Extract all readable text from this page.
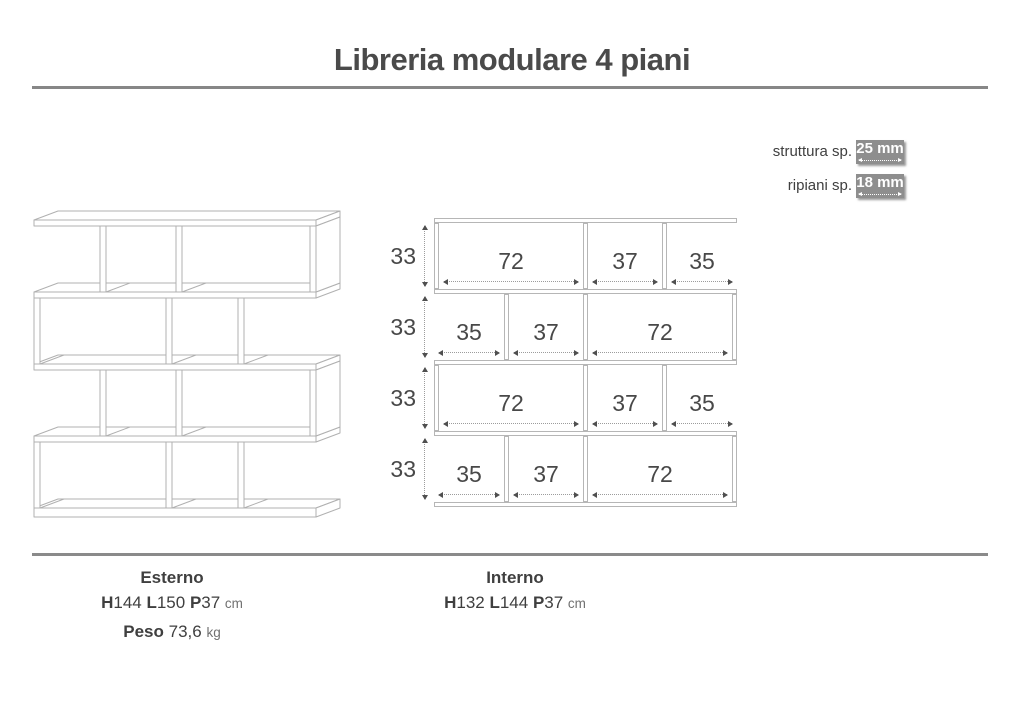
Libreria modulare 4 piani
struttura sp. 25 mm
ripiani sp. 18 mm
33	72	37	35
33	35	37	72
33	72	37	35
33	35	37	72
Esterno
H144 L150 P37 cm
Peso 73,6 kg
Interno
H132 L144 P37 cm
